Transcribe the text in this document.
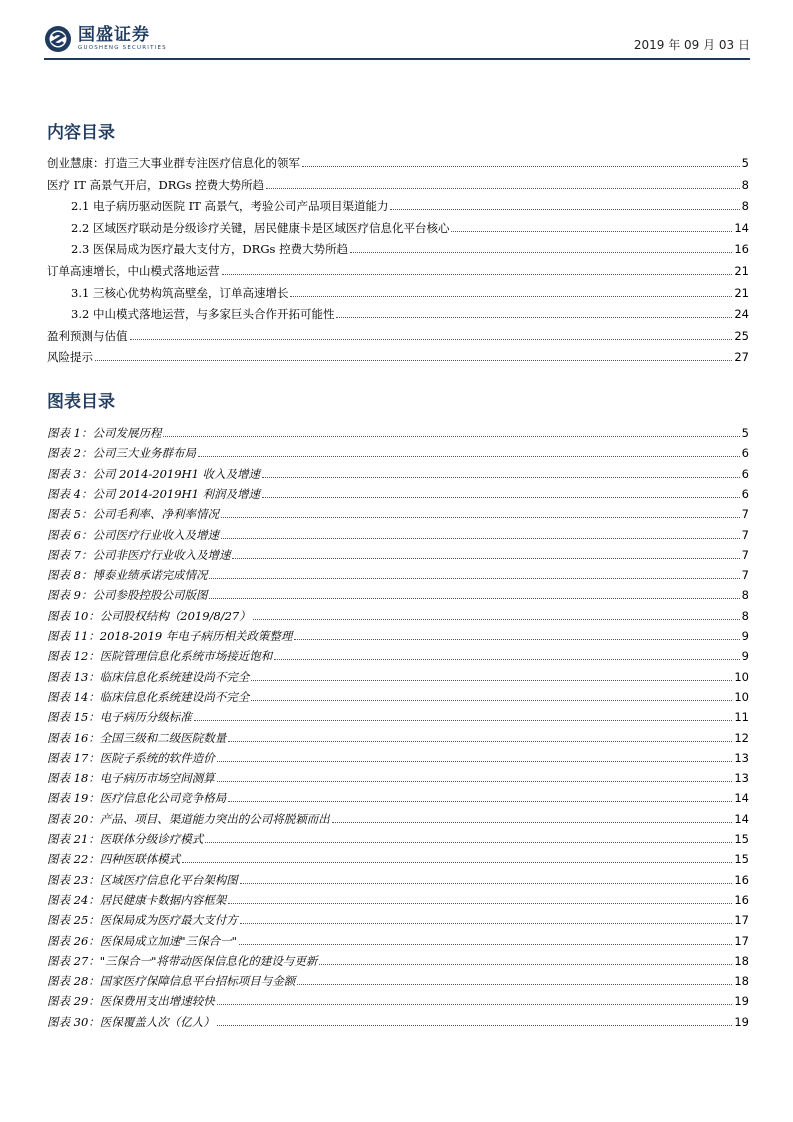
国盛证券
GUOSHENG SECURITIES	2019 年 09 月 03 日
内容目录
创业慧康：打造三大事业群专注医疗信息化的领军	5
医疗 IT 高景气开启，DRGs 控费大势所趋	8
2.1 电子病历驱动医院 IT 高景气，考验公司产品项目渠道能力	8
2.2 区域医疗联动是分级诊疗关键，居民健康卡是区域医疗信息化平台核心	14
2.3 医保局成为医疗最大支付方，DRGs 控费大势所趋	16
订单高速增长，中山模式落地运营	21
3.1 三核心优势构筑高壁垒，订单高速增长	21
3.2 中山模式落地运营，与多家巨头合作开拓可能性	24
盈利预测与估值	25
风险提示	27
图表目录
图表 1：公司发展历程	5
图表 2：公司三大业务群布局	6
图表 3：公司 2014-2019H1 收入及增速	6
图表 4：公司 2014-2019H1 利润及增速	6
图表 5：公司毛利率、净利率情况	7
图表 6：公司医疗行业收入及增速	7
图表 7：公司非医疗行业收入及增速	7
图表 8：博泰业绩承诺完成情况	7
图表 9：公司参股控股公司版图	8
图表 10：公司股权结构（2019/8/27）	8
图表 11：2018-2019 年电子病历相关政策整理	9
图表 12：医院管理信息化系统市场接近饱和	9
图表 13：临床信息化系统建设尚不完全	10
图表 14：临床信息化系统建设尚不完全	10
图表 15：电子病历分级标准	11
图表 16：全国三级和二级医院数量	12
图表 17：医院子系统的软件造价	13
图表 18：电子病历市场空间测算	13
图表 19：医疗信息化公司竞争格局	14
图表 20：产品、项目、渠道能力突出的公司将脱颖而出	14
图表 21：医联体分级诊疗模式	15
图表 22：四种医联体模式	15
图表 23：区域医疗信息化平台架构图	16
图表 24：居民健康卡数据内容框架	16
图表 25：医保局成为医疗最大支付方	17
图表 26：医保局成立加速"三保合一"	17
图表 27："三保合一"将带动医保信息化的建设与更新	18
图表 28：国家医疗保障信息平台招标项目与金额	18
图表 29：医保费用支出增速较快	19
图表 30：医保覆盖人次（亿人）	19
